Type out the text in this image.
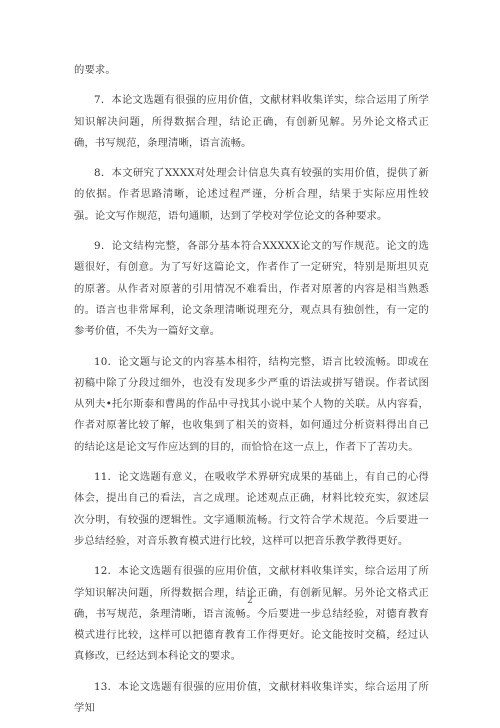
的要求。

7．本论文选题有很强的应用价值，文献材料收集详实，综合运用了所学知识解决问题，所得数据合理，结论正确，有创新见解。另外论文格式正确，书写规范，条理清晰，语言流畅。

8．本文研究了XXXX对处理会计信息失真有较强的实用价值，提供了新的依据。作者思路清晰，论述过程严谨，分析合理，结果于实际应用性较强。论文写作规范，语句通顺，达到了学校对学位论文的各种要求。

9．论文结构完整，各部分基本符合XXXXX论文的写作规范。论文的选题很好，有创意。为了写好这篇论文，作者作了一定研究，特别是斯坦贝克的原著。从作者对原著的引用情况不难看出，作者对原著的内容是相当熟悉的。语言也非常犀利，论文条理清晰说理充分，观点具有独创性，有一定的参考价值，不失为一篇好文章。

10．论文题与论文的内容基本相符，结构完整，语言比较流畅。即或在初稿中除了分段过细外，也没有发现多少严重的语法或拼写错误。作者试图从列夫•托尔斯泰和曹禺的作品中寻找其小说中某个人物的关联。从内容看，作者对原著比较了解，也收集到了相关的资料，如何通过分析资料得出自己的结论这是论文写作应达到的目的，而恰恰在这一点上，作者下了苦功夫。

11．论文选题有意义，在吸收学术界研究成果的基础上，有自己的心得体会，提出自己的看法，言之成理。论述观点正确，材料比较充实，叙述层次分明，有较强的逻辑性。文字通顺流畅。行文符合学术规范。今后要进一步总结经验，对音乐教育模式进行比较，这样可以把音乐教学教得更好。

12．本论文选题有很强的应用价值，文献材料收集详实，综合运用了所学知识解决问题，所得数据合理，结论正确，有创新见解。另外论文格式正确，书写规范，条理清晰，语言流畅。今后要进一步总结经验，对德育教育模式进行比较，这样可以把德育教育工作得更好。论文能按时交稿，经过认真修改，已经达到本科论文的要求。

13．本论文选题有很强的应用价值，文献材料收集详实，综合运用了所学知

2
